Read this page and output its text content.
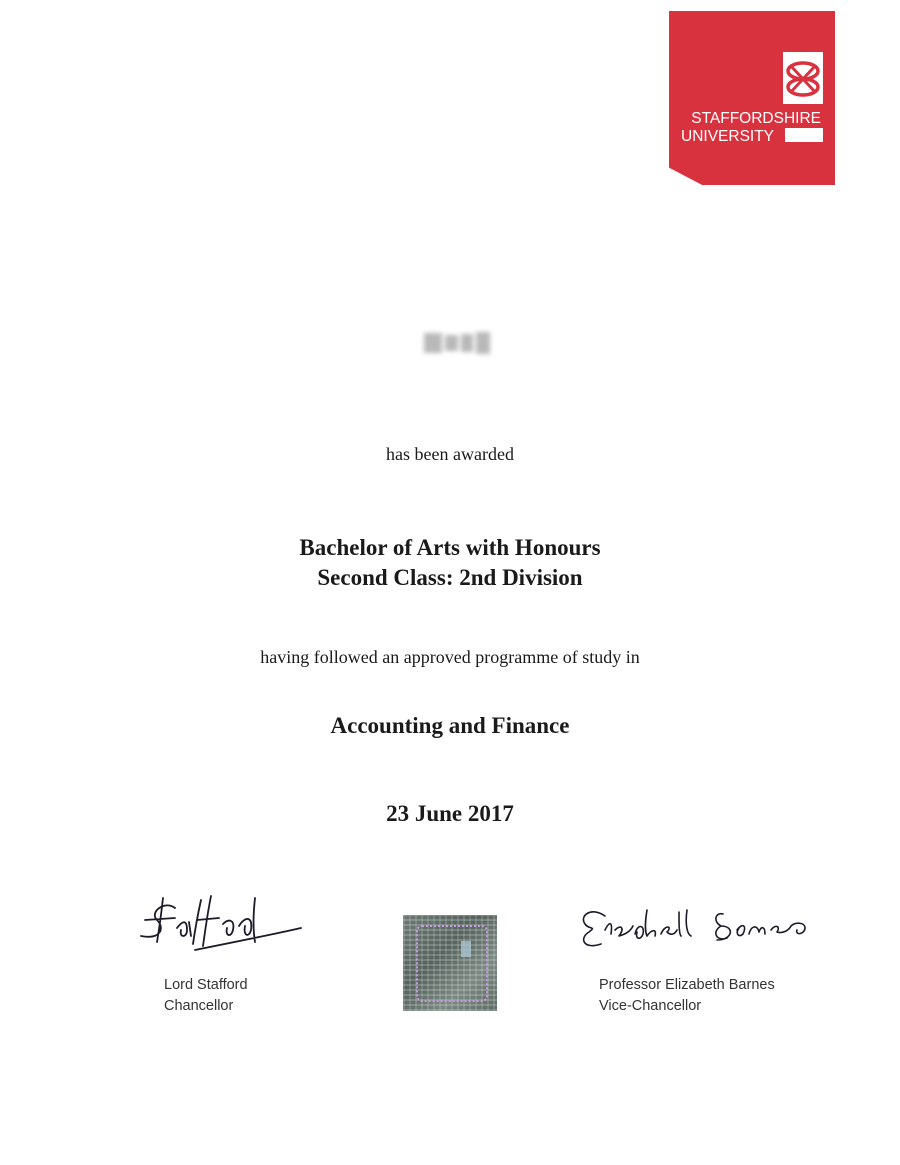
STAFFORDSHIRE
UNIVERSITY
has been awarded
Bachelor of Arts with Honours
Second Class: 2nd Division
having followed an approved programme of study in
Accounting and Finance
23 June 2017
Lord Stafford
Chancellor
Professor Elizabeth Barnes
Vice-Chancellor
